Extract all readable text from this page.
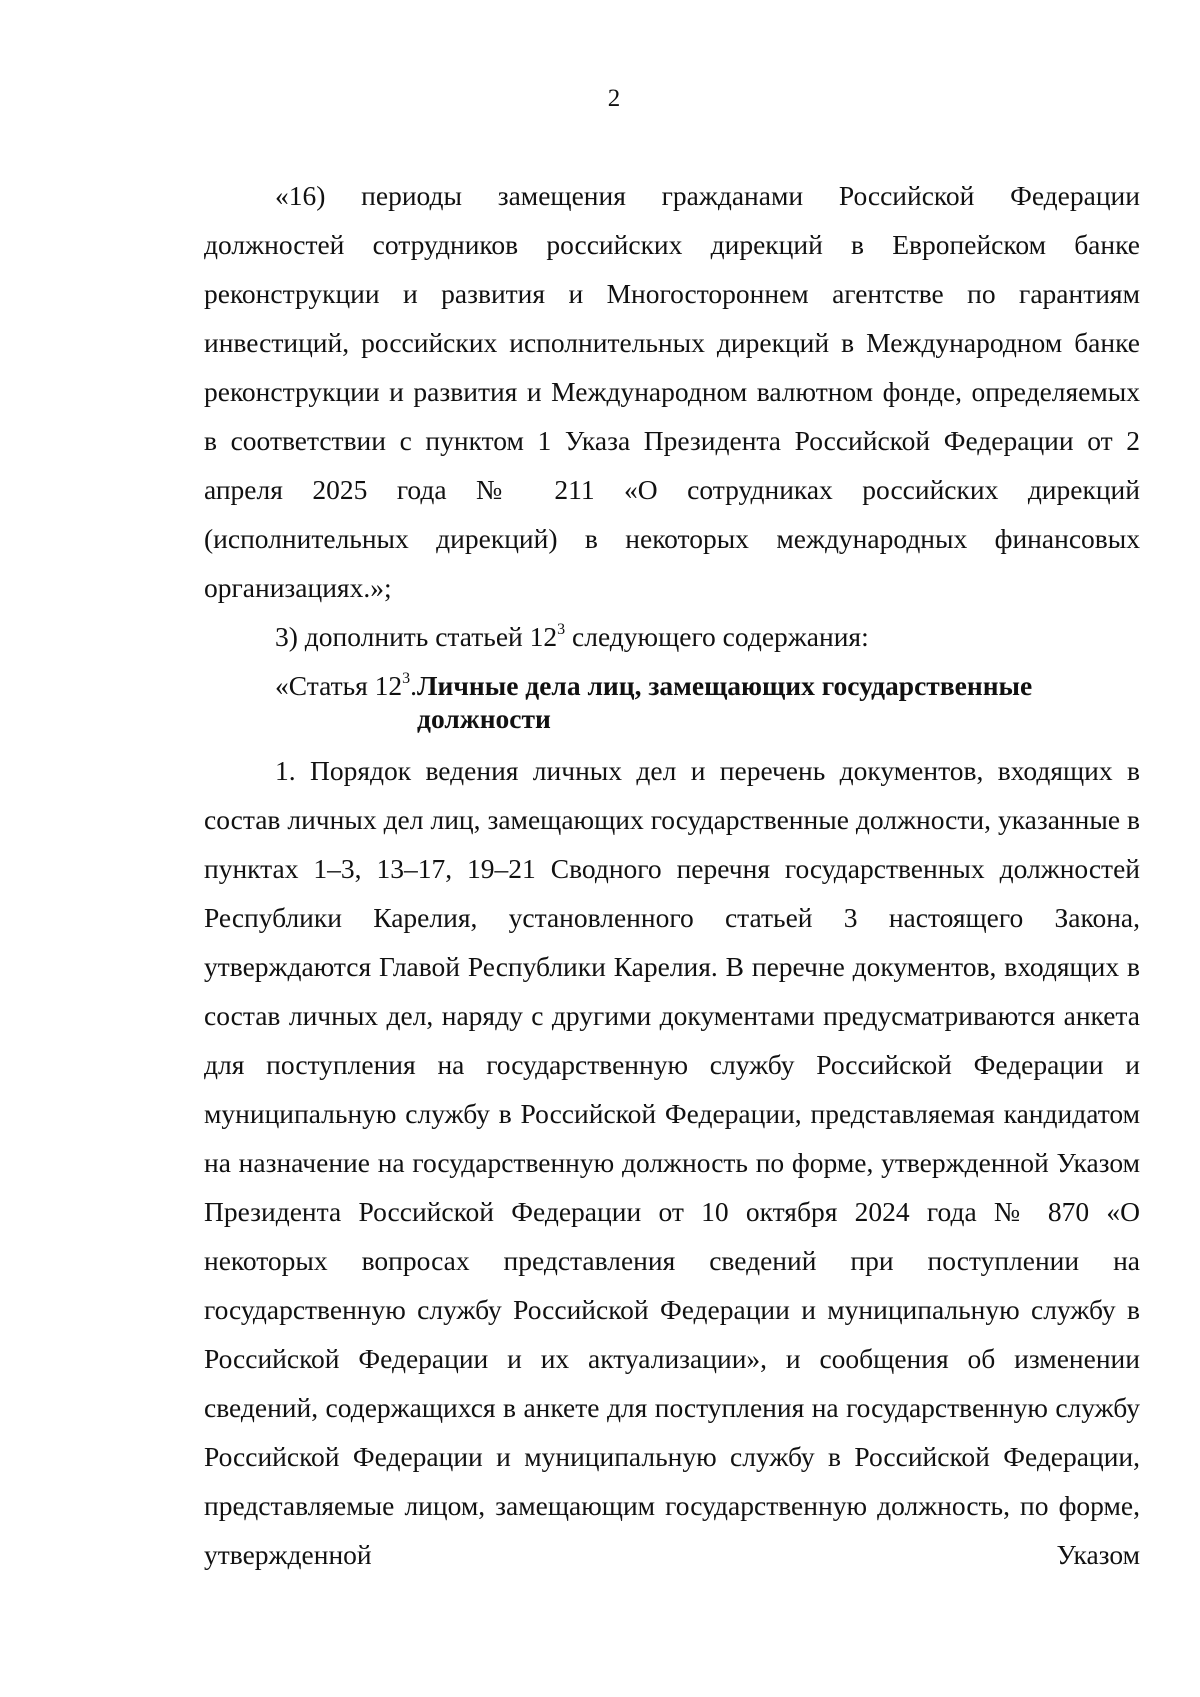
2

«16) периоды замещения гражданами Российской Федерации должностей сотрудников российских дирекций в Европейском банке реконструкции и развития и Многостороннем агентстве по гарантиям инвестиций, российских исполнительных дирекций в Международном банке реконструкции и развития и Международном валютном фонде, определяемых в соответствии с пунктом 1 Указа Президента Российской Федерации от 2 апреля 2025 года № 211 «О сотрудниках российских дирекций (исполнительных дирекций) в некоторых международных финансовых организациях.»;

3) дополнить статьей $12^3$ следующего содержания:

«Статья $12^3$. Личные дела лиц, замещающих государственные должности

1. Порядок ведения личных дел и перечень документов, входящих в состав личных дел лиц, замещающих государственные должности, указанные в пунктах 1–3, 13–17, 19–21 Сводного перечня государственных должностей Республики Карелия, установленного статьей 3 настоящего Закона, утверждаются Главой Республики Карелия. В перечне документов, входящих в состав личных дел, наряду с другими документами предусматриваются анкета для поступления на государственную службу Российской Федерации и муниципальную службу в Российской Федерации, представляемая кандидатом на назначение на государственную должность по форме, утвержденной Указом Президента Российской Федерации от 10 октября 2024 года № 870 «О некоторых вопросах представления сведений при поступлении на государственную службу Российской Федерации и муниципальную службу в Российской Федерации и их актуализации», и сообщения об изменении сведений, содержащихся в анкете для поступления на государственную службу Российской Федерации и муниципальную службу в Российской Федерации, представляемые лицом, замещающим государственную должность, по форме, утвержденной Указом
